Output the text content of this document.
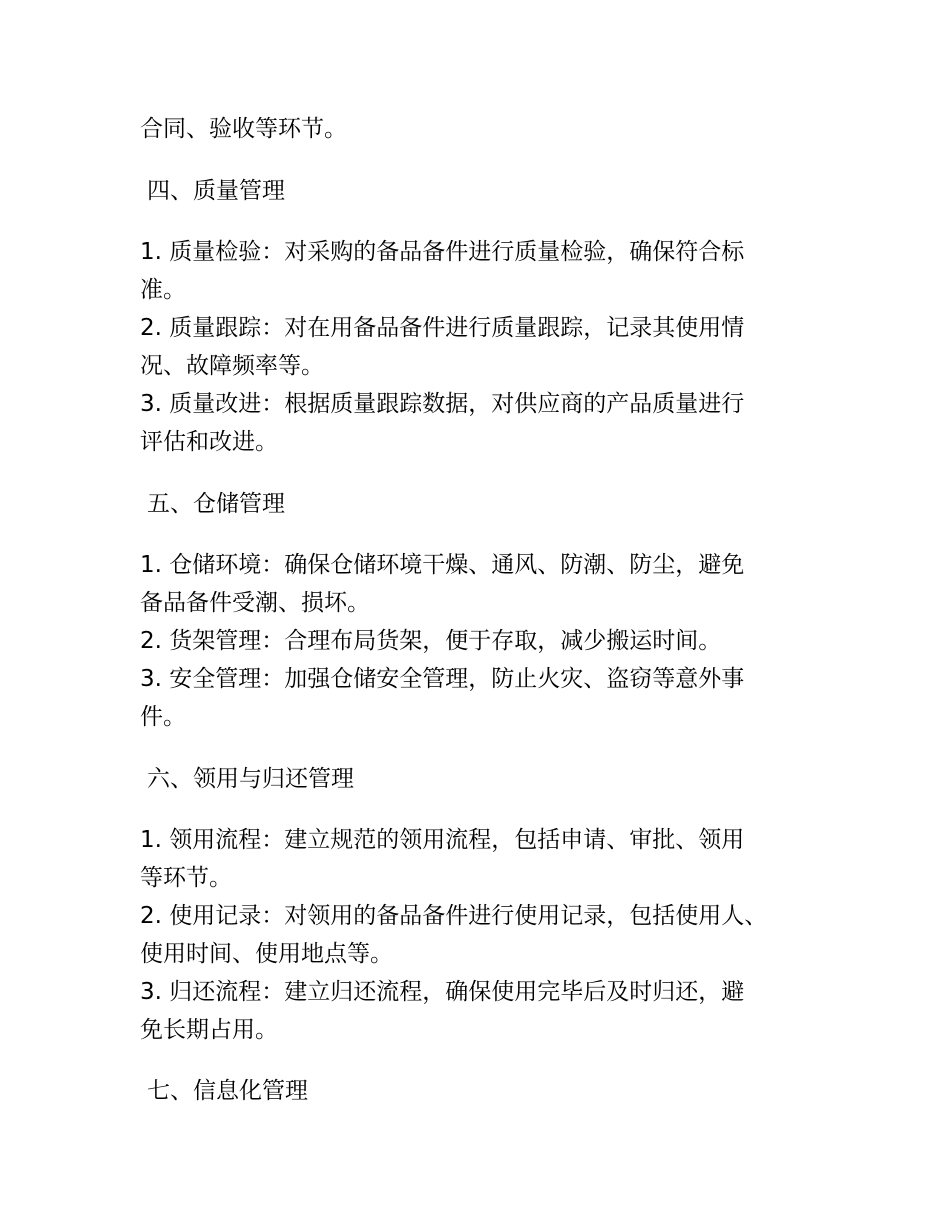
合同、验收等环节。
四、质量管理
1. 质量检验：对采购的备品备件进行质量检验，确保符合标
准。
2. 质量跟踪：对在用备品备件进行质量跟踪，记录其使用情
况、故障频率等。
3. 质量改进：根据质量跟踪数据，对供应商的产品质量进行
评估和改进。
五、仓储管理
1. 仓储环境：确保仓储环境干燥、通风、防潮、防尘，避免
备品备件受潮、损坏。
2. 货架管理：合理布局货架，便于存取，减少搬运时间。
3. 安全管理：加强仓储安全管理，防止火灾、盗窃等意外事
件。
六、领用与归还管理
1. 领用流程：建立规范的领用流程，包括申请、审批、领用
等环节。
2. 使用记录：对领用的备品备件进行使用记录，包括使用人、
使用时间、使用地点等。
3. 归还流程：建立归还流程，确保使用完毕后及时归还，避
免长期占用。
七、信息化管理
